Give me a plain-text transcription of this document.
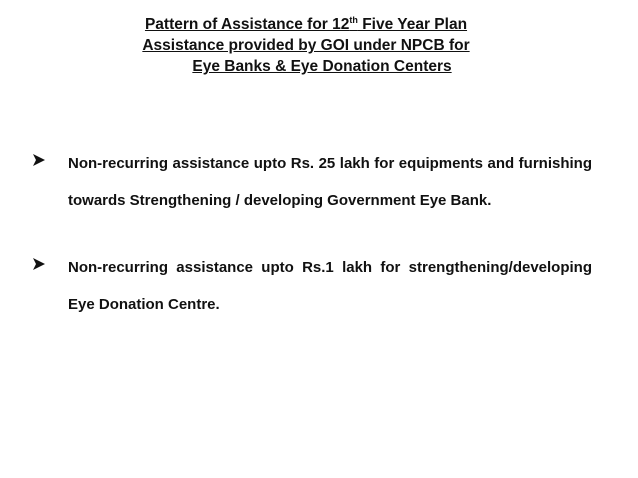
Pattern of Assistance for 12th Five Year Plan
Assistance provided by GOI under NPCB for
Eye Banks & Eye Donation Centers
Non-recurring assistance upto Rs. 25 lakh for equipments and furnishing towards Strengthening / developing Government Eye Bank.
Non-recurring assistance upto Rs.1 lakh for strengthening/developing Eye Donation Centre.
